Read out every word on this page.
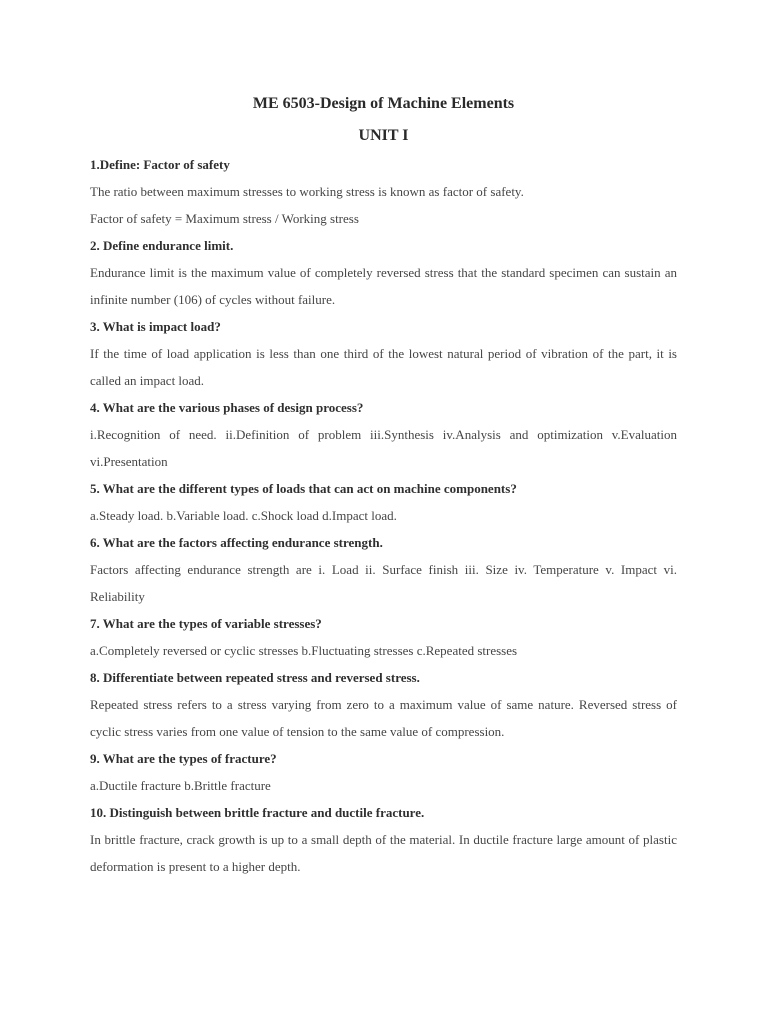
ME 6503-Design of Machine Elements
UNIT I

1.Define: Factor of safety

The ratio between maximum stresses to working stress is known as factor of safety.

Factor of safety = Maximum stress / Working stress

2. Define endurance limit.

Endurance limit is the maximum value of completely reversed stress that the standard specimen can sustain an infinite number (106) of cycles without failure.

3. What is impact load?

If the time of load application is less than one third of the lowest natural period of vibration of the part, it is called an impact load.

4. What are the various phases of design process?

i.Recognition of need. ii.Definition of problem iii.Synthesis iv.Analysis and optimization v.Evaluation vi.Presentation

5. What are the different types of loads that can act on machine components?

a.Steady load. b.Variable load. c.Shock load d.Impact load.

6. What are the factors affecting endurance strength.

Factors affecting endurance strength are i. Load ii. Surface finish iii. Size iv. Temperature v. Impact vi. Reliability

7. What are the types of variable stresses?

a.Completely reversed or cyclic stresses b.Fluctuating stresses c.Repeated stresses

8. Differentiate between repeated stress and reversed stress.

Repeated stress refers to a stress varying from zero to a maximum value of same nature. Reversed stress of cyclic stress varies from one value of tension to the same value of compression.

9. What are the types of fracture?

a.Ductile fracture b.Brittle fracture

10. Distinguish between brittle fracture and ductile fracture.

In brittle fracture, crack growth is up to a small depth of the material. In ductile fracture large amount of plastic deformation is present to a higher depth.
